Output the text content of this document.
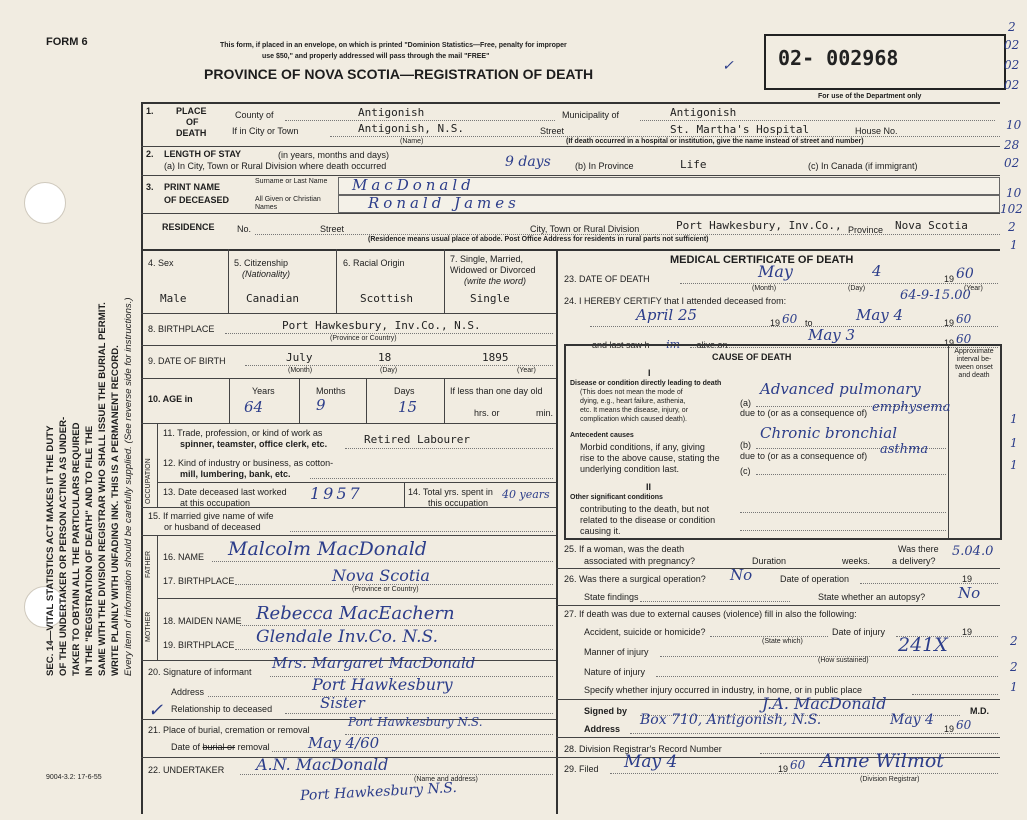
FORM 6
SEC. 14—VITAL STATISTICS ACT MAKES IT THE DUTY OF THE UNDERTAKER OR PERSON ACTING AS UNDER- TAKER TO OBTAIN ALL THE PARTICULARS REQUIRED IN THE "REGISTRATION OF DEATH" AND TO FILE THE SAME WITH THE DIVISION REGISTRAR WHO SHALL ISSUE THE BURIAL PERMIT. WRITE PLAINLY WITH UNFADING INK. THIS IS A PERMANENT RECORD. Every item of information should be carefully supplied. (See reverse side for instructions.)
9004-3.2: 17-6-55
This form, if placed in an envelope, on which is printed "Dominion Statistics—Free, penalty for improper
use $50," and properly addressed will pass through the mail "FREE"
PROVINCE OF NOVA SCOTIA—REGISTRATION OF DEATH	✓ 02- 002968
For use of the Department only
2
02
02
02
10
28
02
10
102
2
1
1
1
1
2
2
1
1. PLACE
OF
DEATH
County of	Antigonish	Municipality of	Antigonish
If in City or Town	Antigonish, N.S.
(Name)
Street	St. Martha's Hospital	House No.
(If death occurred in a hospital or institution, give the name instead of street and number)
2. LENGTH OF STAY	(in years, months and days)
(a) In City, Town or Rural Division where death occurred	9 days	(b) In Province	Life	(c) In Canada (if immigrant)
3. PRINT NAME
OF DECEASED
Surname or Last Name
All Given or Christian Names
MacDonald
Ronald James
RESIDENCE No.	Street	City, Town or Rural Division	Port Hawkesbury, Inv.Co., Province Nova Scotia
(Residence means usual place of abode. Post Office Address for residents in rural parts not sufficient)
4. Sex	5. Citizenship
(Nationality)
6. Racial Origin	7. Single, Married,
Widowed or Divorced
(write the word)
Male	Canadian	Scottish	Single
8. BIRTHPLACE	Port Hawkesbury, Inv.Co., N.S.
(Province or Country)
9. DATE OF BIRTH	July	18	1895
(Month)	(Day)	(Year)
10. AGE in
Years	Months	Days	If less than one day old
64	9	15	hrs. or	min.
OCCUPATION
11. Trade, profession, or kind of work as
spinner, teamster, office clerk, etc.	Retired Labourer
12. Kind of industry or business, as cotton-
mill, lumbering, bank, etc.
13. Date deceased last worked
at this occupation	1957	14. Total yrs. spent in
this occupation
40 years
15. If married give name of wife
or husband of deceased
FATHER
MOTHER
16. NAME Malcolm MacDonald
17. BIRTHPLACE	Nova Scotia
(Province or Country)
18. MAIDEN NAME Rebecca MacEachern
19. BIRTHPLACE Glendale Inv.Co. N.S.
20. Signature of informant Mrs. Margaret MacDonald
Address	Port Hawkesbury
Relationship to deceased	Sister
✓
21. Place of burial, cremation or removal
Port Hawkesbury N.S.
Date of burial or removal	May 4/60
22. UNDERTAKER A.N. MacDonald
(Name and address)
Port Hawkesbury N.S.
MEDICAL CERTIFICATE OF DEATH
23. DATE OF DEATH	May	4	19 60
(Month)	(Day)	(Year)
24. I HEREBY CERTIFY that I attended deceased from:	64-9-15.00
April 25	19 60 to	May 4	19 60
and last saw h im alive on
May 3	19 60
CAUSE OF DEATH
Approximate interval be-tween onset and death
I
Disease or condition directly leading to death
(This does not mean the mode of
dying, e.g., heart failure, asthenia,
etc. It means the disease, injury, or
complication which caused death).
(a)
Advanced pulmonary
due to (or as a consequence of) emphysema
Antecedent causes
Morbid conditions, if any, giving
rise to the above cause, stating the
underlying condition last.
(b)
Chronic bronchial
due to (or as a consequence of) asthma
(c)
II
Other significant conditions
contributing to the death, but not
related to the disease or condition
causing it.
25. If a woman, was the death
associated with pregnancy?	Duration	weeks.
Was there
a delivery?
5.04.0
26. Was there a surgical operation? No	Date of operation	19
State findings	State whether an autopsy? No
27. If death was due to external causes (violence) fill in also the following:
Accident, suicide or homicide?
(State which)
Date of injury	19
Manner of injury	241X
(How sustained)
Nature of injury
Specify whether injury occurred in industry, in home, or in public place
Signed by	J.A. MacDonald	M.D.
Address
Box 710, Antigonish, N.S.	May 4
19 60
28. Division Registrar's Record Number
29. Filed May 4	19 60 Anne Wilmot
(Division Registrar)
